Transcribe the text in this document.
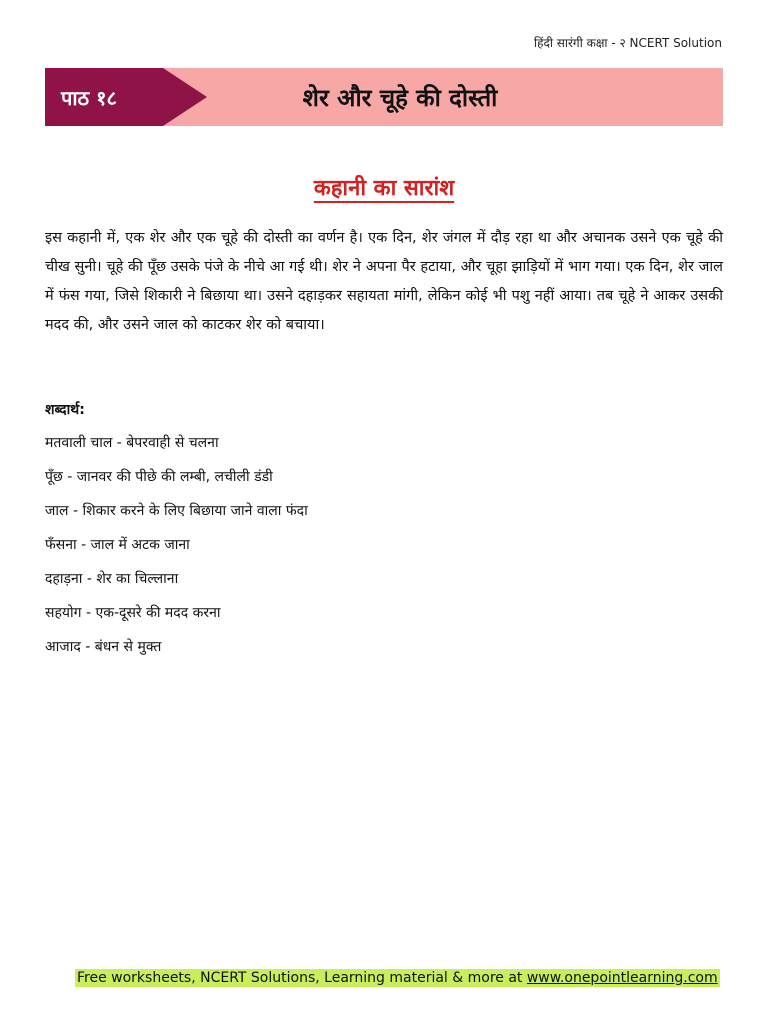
हिंदी सारंगी कक्षा - २ NCERT Solution
पाठ १८	शेर और चूहे की दोस्ती
कहानी का सारांश

इस कहानी में, एक शेर और एक चूहे की दोस्ती का वर्णन है। एक दिन, शेर जंगल में दौड़ रहा था और अचानक उसने एक चूहे की चीख सुनी। चूहे की पूँछ उसके पंजे के नीचे आ गई थी। शेर ने अपना पैर हटाया, और चूहा झाड़ियों में भाग गया। एक दिन, शेर जाल में फंस गया, जिसे शिकारी ने बिछाया था। उसने दहाड़कर सहायता मांगी, लेकिन कोई भी पशु नहीं आया। तब चूहे ने आकर उसकी मदद की, और उसने जाल को काटकर शेर को बचाया।

शब्दार्थ:
मतवाली चाल - बेपरवाही से चलना
पूँछ - जानवर की पीछे की लम्बी, लचीली डंडी
जाल - शिकार करने के लिए बिछाया जाने वाला फंदा
फँसना - जाल में अटक जाना
दहाड़ना - शेर का चिल्लाना
सहयोग - एक-दूसरे की मदद करना
आजाद - बंधन से मुक्त
Free worksheets, NCERT Solutions, Learning material & more at www.onepointlearning.com
